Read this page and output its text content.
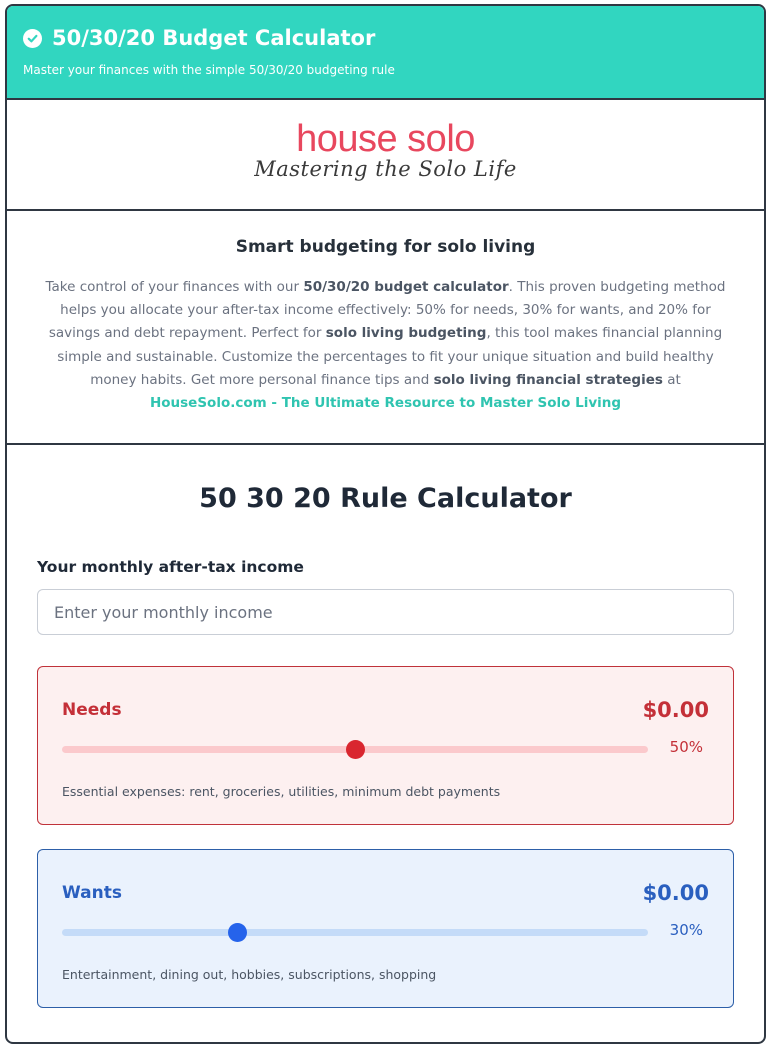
50/30/20 Budget Calculator
Master your finances with the simple 50/30/20 budgeting rule
house solo
Mastering the Solo Life
Smart budgeting for solo living

Take control of your finances with our 50/30/20 budget calculator. This proven budgeting method helps you allocate your after-tax income effectively: 50% for needs, 30% for wants, and 20% for savings and debt repayment. Perfect for solo living budgeting, this tool makes financial planning simple and sustainable. Customize the percentages to fit your unique situation and build healthy money habits. Get more personal finance tips and solo living financial strategies at HouseSolo.com - The Ultimate Resource to Master Solo Living

50 30 20 Rule Calculator
Your monthly after-tax income
Enter your monthly income
Needs	$0.00
50%
Essential expenses: rent, groceries, utilities, minimum debt payments
Wants	$0.00
30%
Entertainment, dining out, hobbies, subscriptions, shopping
